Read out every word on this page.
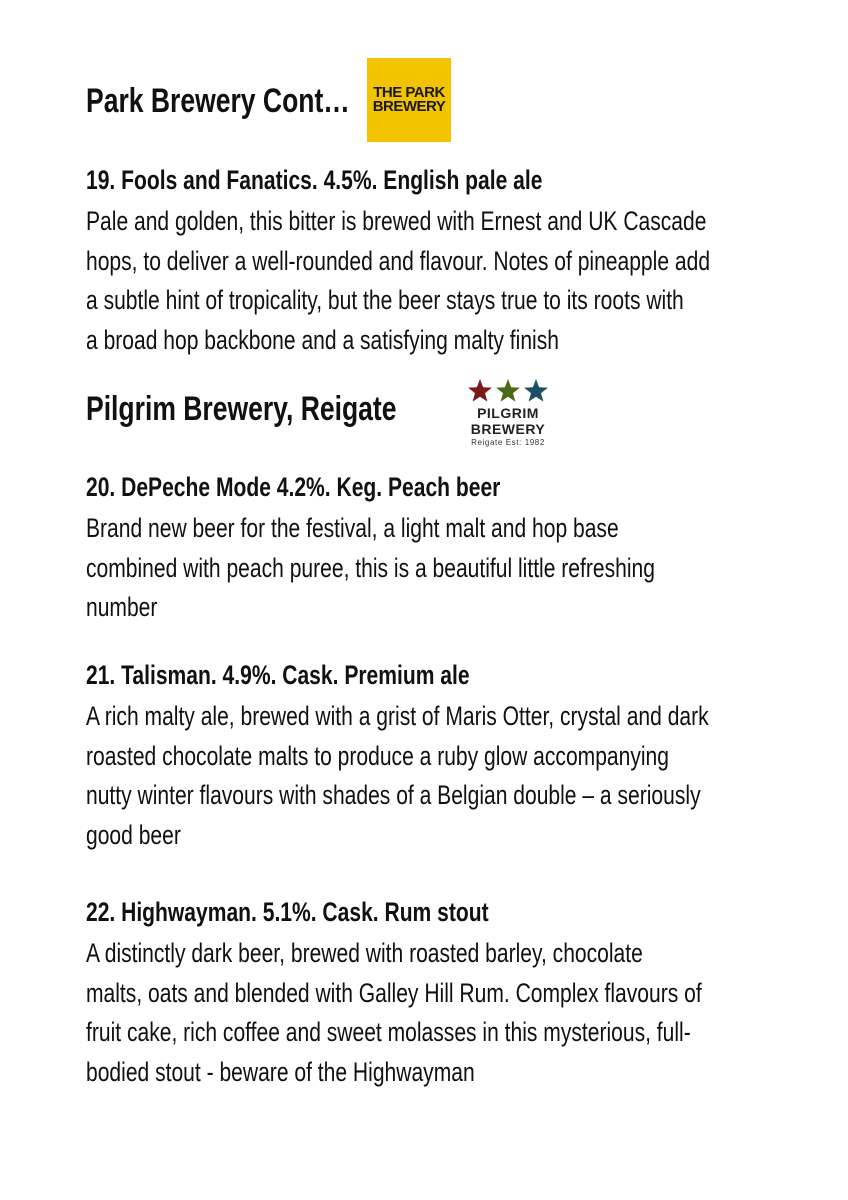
Park Brewery Cont…	THE PARK
BREWERY
19. Fools and Fanatics. 4.5%. English pale ale
Pale and golden, this bitter is brewed with Ernest and UK Cascade
hops, to deliver a well-rounded and flavour. Notes of pineapple add
a subtle hint of tropicality, but the beer stays true to its roots with
a broad hop backbone and a satisfying malty finish
Pilgrim Brewery, Reigate	PILGRIM BREWERY
Reigate Est: 1982
20. DePeche Mode 4.2%. Keg. Peach beer
Brand new beer for the festival, a light malt and hop base
combined with peach puree, this is a beautiful little refreshing
number
21. Talisman. 4.9%. Cask. Premium ale
A rich malty ale, brewed with a grist of Maris Otter, crystal and dark
roasted chocolate malts to produce a ruby glow accompanying
nutty winter flavours with shades of a Belgian double – a seriously
good beer
22. Highwayman. 5.1%. Cask. Rum stout
A distinctly dark beer, brewed with roasted barley, chocolate
malts, oats and blended with Galley Hill Rum. Complex flavours of
fruit cake, rich coffee and sweet molasses in this mysterious, full-
bodied stout - beware of the Highwayman
